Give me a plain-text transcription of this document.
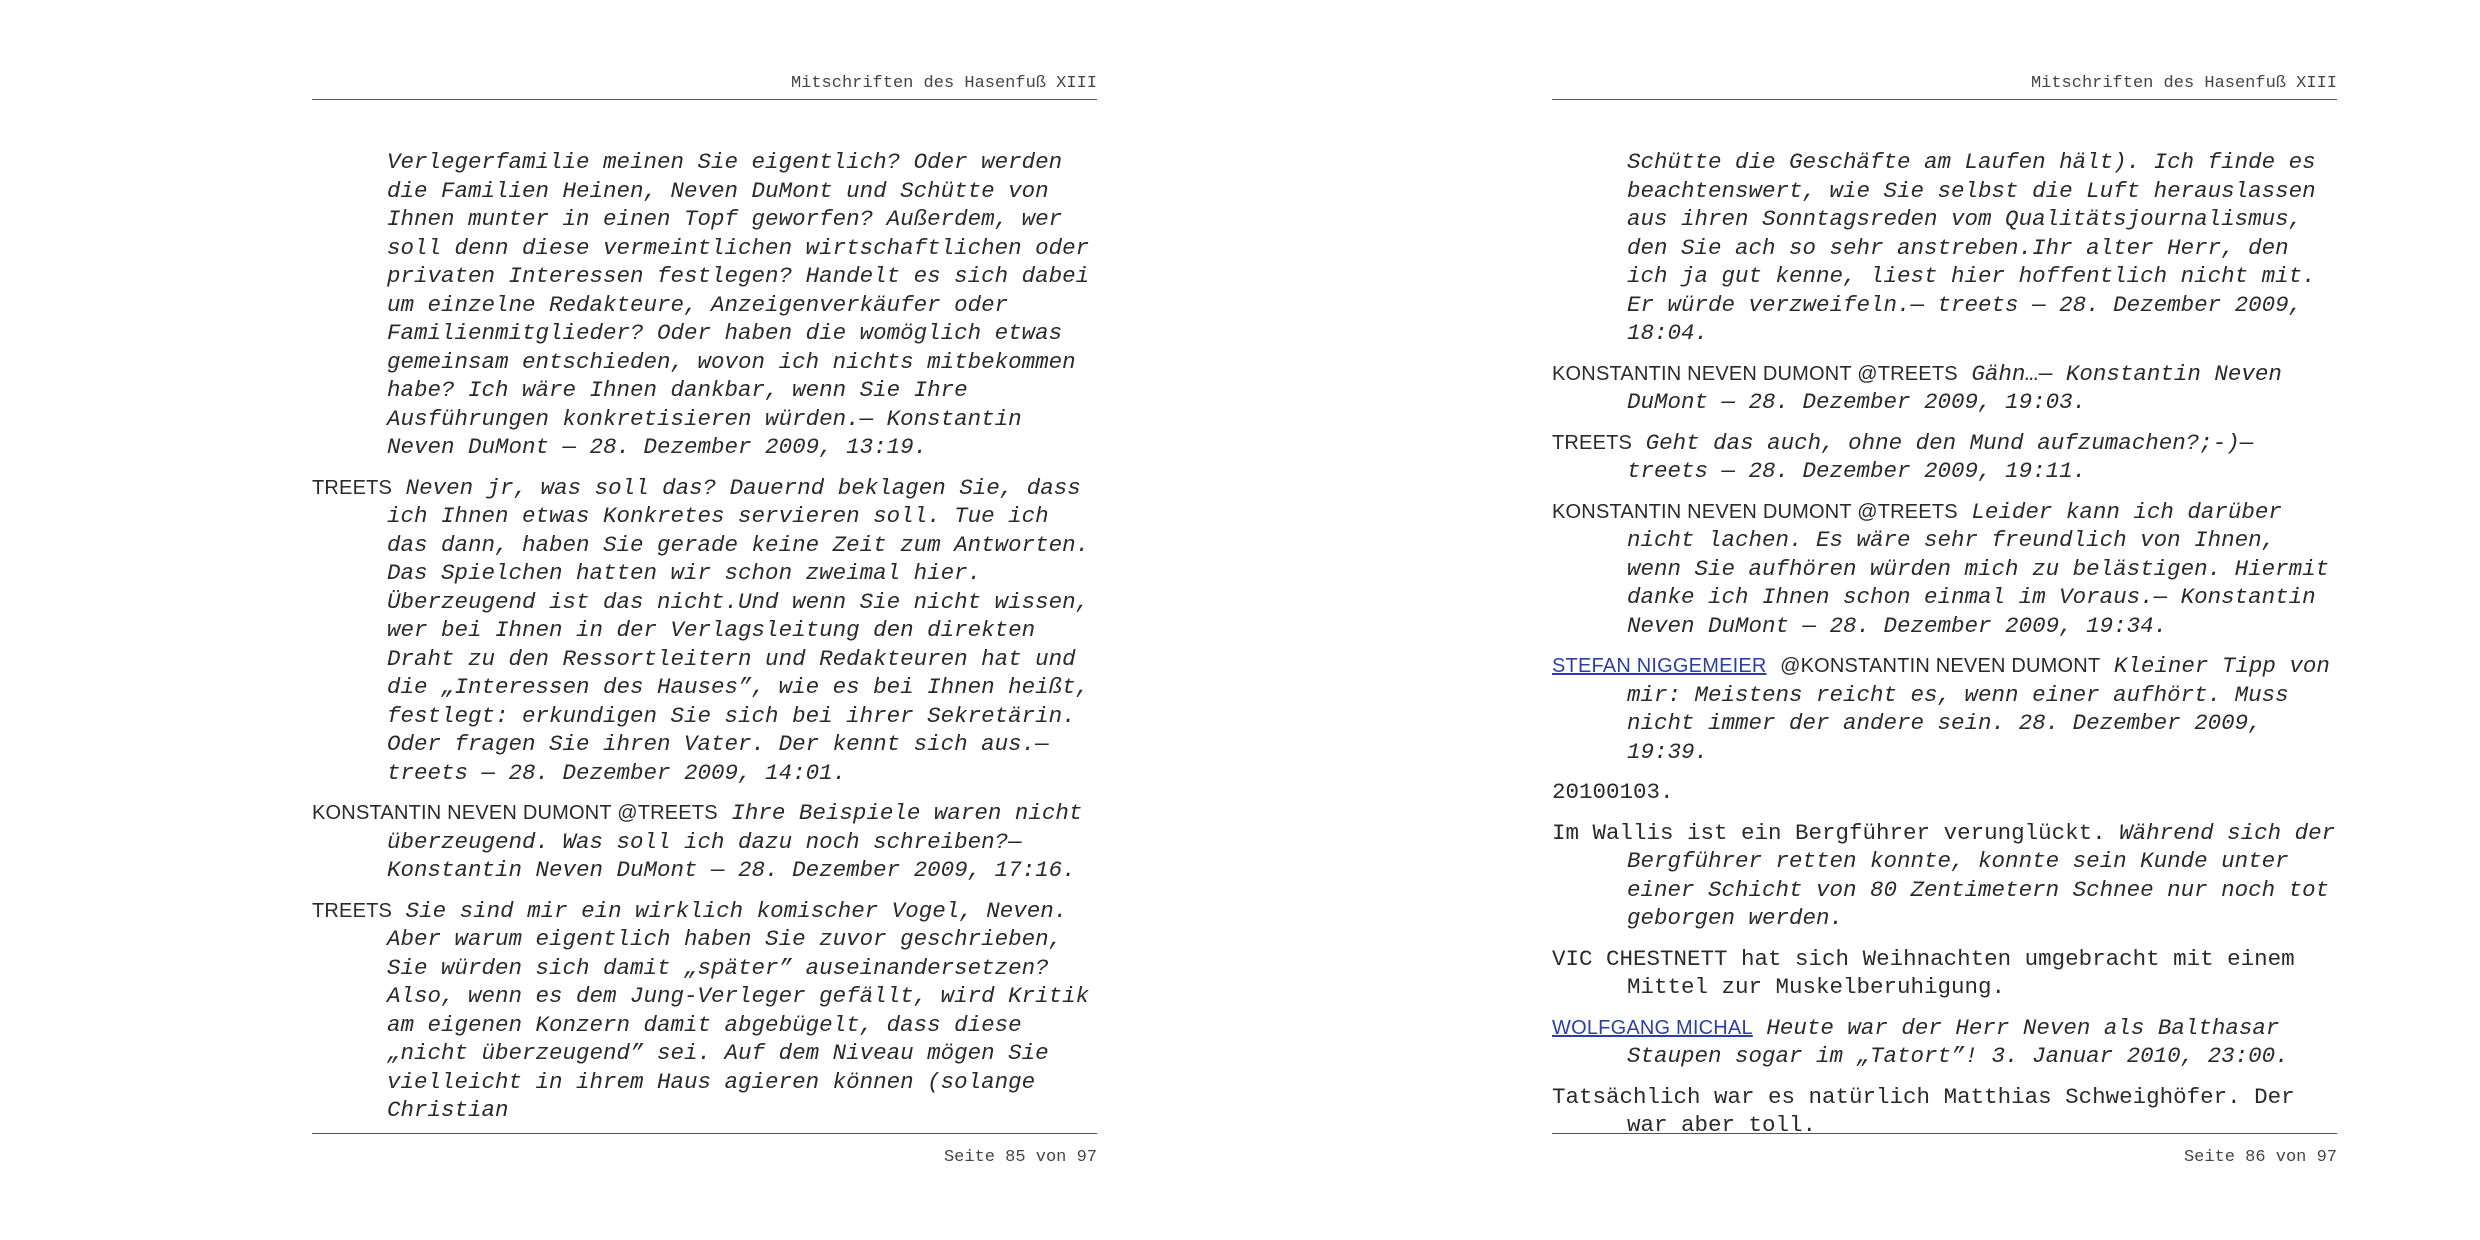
Mitschriften des Hasenfuß XIII

Verlegerfamilie meinen Sie eigentlich? Oder werden die Familien Heinen, Neven DuMont und Schütte von Ihnen munter in einen Topf geworfen? Außerdem, wer soll denn diese vermeintlichen wirtschaftlichen oder privaten Interessen festlegen? Handelt es sich dabei um einzelne Redakteure, Anzeigenverkäufer oder Familienmitglieder? Oder haben die womöglich etwas gemeinsam entschieden, wovon ich nichts mitbekommen habe? Ich wäre Ihnen dankbar, wenn Sie Ihre Ausführungen konkretisieren würden.— Konstantin Neven DuMont — 28. Dezember 2009, 13:19.

TREETS Neven jr, was soll das? Dauernd beklagen Sie, dass ich Ihnen etwas Konkretes servieren soll. Tue ich das dann, haben Sie gerade keine Zeit zum Antworten. Das Spielchen hatten wir schon zweimal hier. Überzeugend ist das nicht.Und wenn Sie nicht wissen, wer bei Ihnen in der Verlagsleitung den direkten Draht zu den Ressortleitern und Redakteuren hat und die „Interessen des Hauses”, wie es bei Ihnen heißt, festlegt: erkundigen Sie sich bei ihrer Sekretärin. Oder fragen Sie ihren Vater. Der kennt sich aus.— treets — 28. Dezember 2009, 14:01.

KONSTANTIN NEVEN DUMONT @TREETS Ihre Beispiele waren nicht überzeugend. Was soll ich dazu noch schreiben?— Konstantin Neven DuMont — 28. Dezember 2009, 17:16.

TREETS Sie sind mir ein wirklich komischer Vogel, Neven. Aber warum eigentlich haben Sie zuvor geschrieben, Sie würden sich damit „später” auseinandersetzen?Also, wenn es dem Jung-Verleger gefällt, wird Kritik am eigenen Konzern damit abgebügelt, dass diese „nicht überzeugend” sei. Auf dem Niveau mögen Sie vielleicht in ihrem Haus agieren können (solange Christian

Seite 85 von 97
Mitschriften des Hasenfuß XIII

Schütte die Geschäfte am Laufen hält). Ich finde es beachtenswert, wie Sie selbst die Luft herauslassen aus ihren Sonntagsreden vom Qualitätsjournalismus, den Sie ach so sehr anstreben.Ihr alter Herr, den ich ja gut kenne, liest hier hoffentlich nicht mit. Er würde verzweifeln.— treets — 28. Dezember 2009, 18:04.

KONSTANTIN NEVEN DUMONT @TREETS Gähn…— Konstantin Neven DuMont — 28. Dezember 2009, 19:03.

TREETS Geht das auch, ohne den Mund aufzumachen?;-)— treets — 28. Dezember 2009, 19:11.

KONSTANTIN NEVEN DUMONT @TREETS Leider kann ich darüber nicht lachen. Es wäre sehr freundlich von Ihnen, wenn Sie aufhören würden mich zu belästigen. Hiermit danke ich Ihnen schon einmal im Voraus.— Konstantin Neven DuMont — 28. Dezember 2009, 19:34.

STEFAN NIGGEMEIER @KONSTANTIN NEVEN DUMONT Kleiner Tipp von mir: Meistens reicht es, wenn einer aufhört. Muss nicht immer der andere sein. 28. Dezember 2009, 19:39.

20100103.

Im Wallis ist ein Bergführer verunglückt. Während sich der Bergführer retten konnte, konnte sein Kunde unter einer Schicht von 80 Zentimetern Schnee nur noch tot geborgen werden.

VIC CHESTNETT hat sich Weihnachten umgebracht mit einem Mittel zur Muskelberuhigung.

WOLFGANG MICHAL Heute war der Herr Neven als Balthasar Staupen sogar im „Tatort”! 3. Januar 2010, 23:00.

Tatsächlich war es natürlich Matthias Schweighöfer. Der war aber toll.

Seite 86 von 97
